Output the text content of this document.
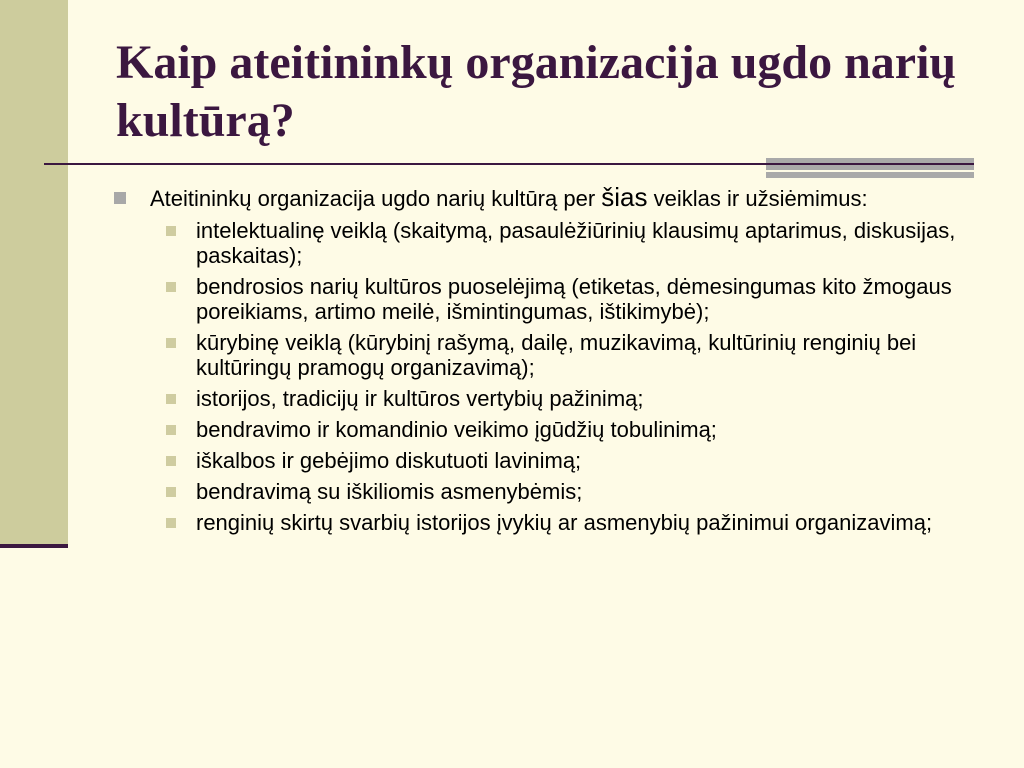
Kaip ateitininkų organizacija ugdo narių kultūrą?
Ateitininkų organizacija ugdo narių kultūrą per šias veiklas ir užsiėmimus:
intelektualinę veiklą (skaitymą, pasaulėžiūrinių klausimų aptarimus, diskusijas, paskaitas);
bendrosios narių kultūros puoselėjimą (etiketas, dėmesingumas kito žmogaus poreikiams, artimo meilė, išmintingumas, ištikimybė);
kūrybinę veiklą (kūrybinį rašymą, dailę, muzikavimą, kultūrinių renginių bei kultūringų pramogų organizavimą);
istorijos, tradicijų ir kultūros vertybių pažinimą;
bendravimo ir komandinio veikimo įgūdžių tobulinimą;
iškalbos ir gebėjimo diskutuoti lavinimą;
bendravimą su iškiliomis asmenybėmis;
renginių skirtų svarbių istorijos įvykių ar asmenybių pažinimui organizavimą;
